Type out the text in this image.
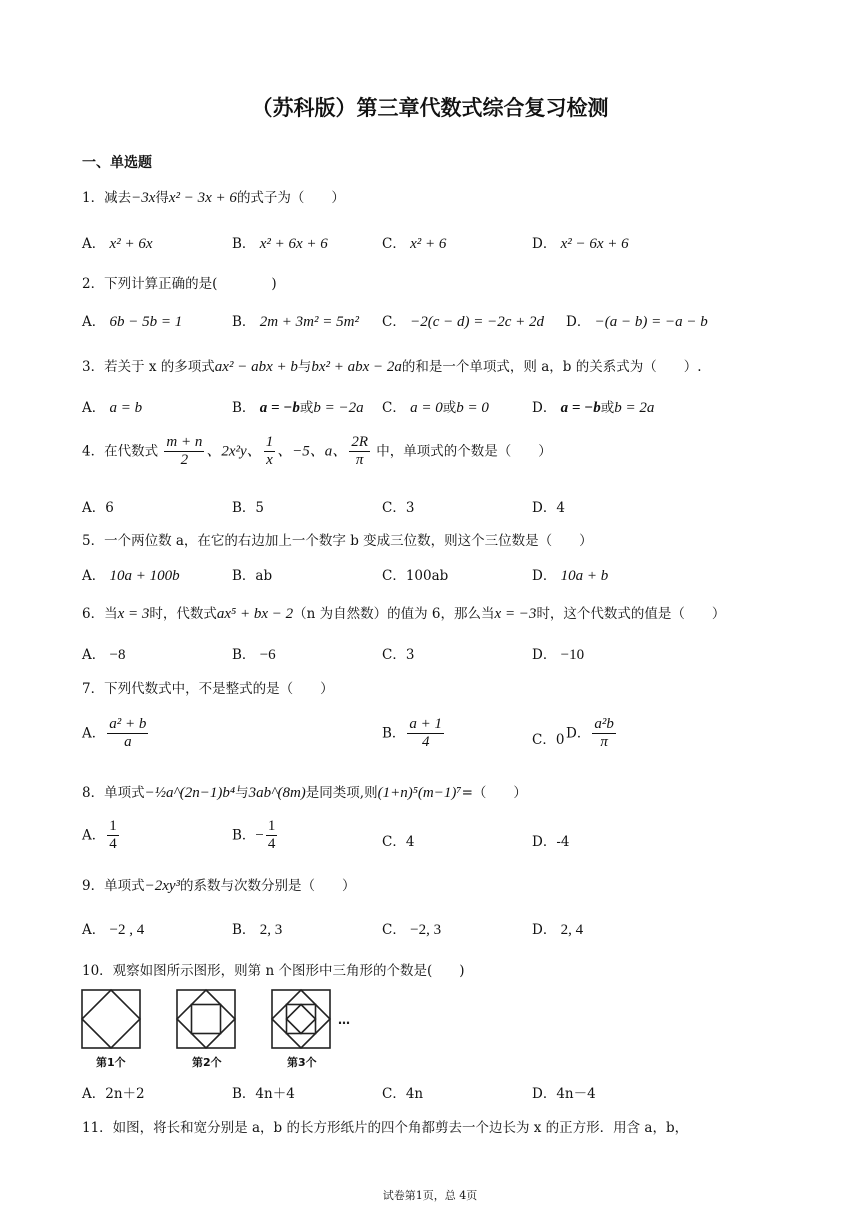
（苏科版）第三章代数式综合复习检测
一、单选题
1．减去−3x得x² − 3x + 6的式子为（　　）
A． x² + 6x	B． x² + 6x + 6	C． x² + 6	D． x² − 6x + 6
2．下列计算正确的是(　　　　)
A． 6b − 5b = 1	B． 2m + 3m² = 5m² C． −2(c − d) = −2c + 2d D． −(a − b) = −a − b
3．若关于 x 的多项式ax² − abx + b与bx² + abx − 2a的和是一个单项式，则 a，b 的关系式为（　　）.
A． a = b	B． a = −b或b = −2a C． a = 0或b = 0	D． a = −b或b = 2a
4．在代数式 $\frac{m + n}{2}$ 、2x²y、 $\frac{1}{x}$ 、−5、a、 $\frac{2R}{\pi}$ 中，单项式的个数是（　　）
A．6	B．5	C．3	D．4
5．一个两位数 a，在它的右边加上一个数字 b 变成三位数，则这个三位数是（　　）
A． 10a + 100b	B．ab	C．100ab	D． 10a + b
6．当x = 3时，代数式ax⁵ + bx − 2（n 为自然数）的值为 6，那么当x = −3时，这个代数式的值是（　　）
A． −8	B． −6	C．3	D． −10
7．下列代数式中，不是整式的是（　　）
A． $\frac{\text{a² + b}}{a}$	B． $\frac{a + 1}{4}$	C．0 D． $\frac{\text{a²b}}{\pi}$
8．单项式−½a^(2n−1)b⁴与3ab^(8m)是同类项,则(1+n)⁵(m−1)⁷=（　　）
A． $\frac{1}{4}$	B．− $\frac{1}{4}$	C．4	D．-4
9．单项式−2xy³的系数与次数分别是（　　）
A． −2 , 4	B． 2, 3	C． −2, 3	D． 2, 4
10．观察如图所示图形，则第 n 个图形中三角形的个数是(　　)
…
第1个	第2个	第3个
A．2n＋2	B．4n＋4	C．4n	D．4n－4
11．如图，将长和宽分别是 a，b 的长方形纸片的四个角都剪去一个边长为 x 的正方形．用含 a，b，
试卷第1页，总 4页
